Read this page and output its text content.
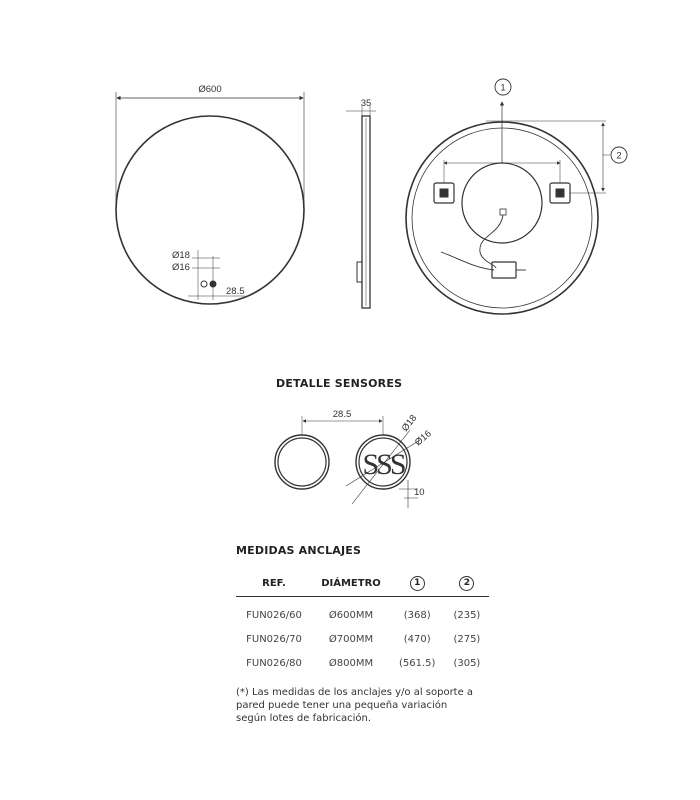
Ø600
Ø18
Ø16
28.5
35
1
2
28.5	Ø18
Ø16
10
SSS
DETALLE SENSORES
MEDIDAS ANCLAJES
REF.	DIÁMETRO	1	2
FUN026/60	Ø600MM	(368)	(235)
FUN026/70	Ø700MM	(470)	(275)
FUN026/80	Ø800MM	(561.5)	(305)
(*) Las medidas de los anclajes y/o al soporte a pared puede tener una pequeña variación según lotes de fabricación.
